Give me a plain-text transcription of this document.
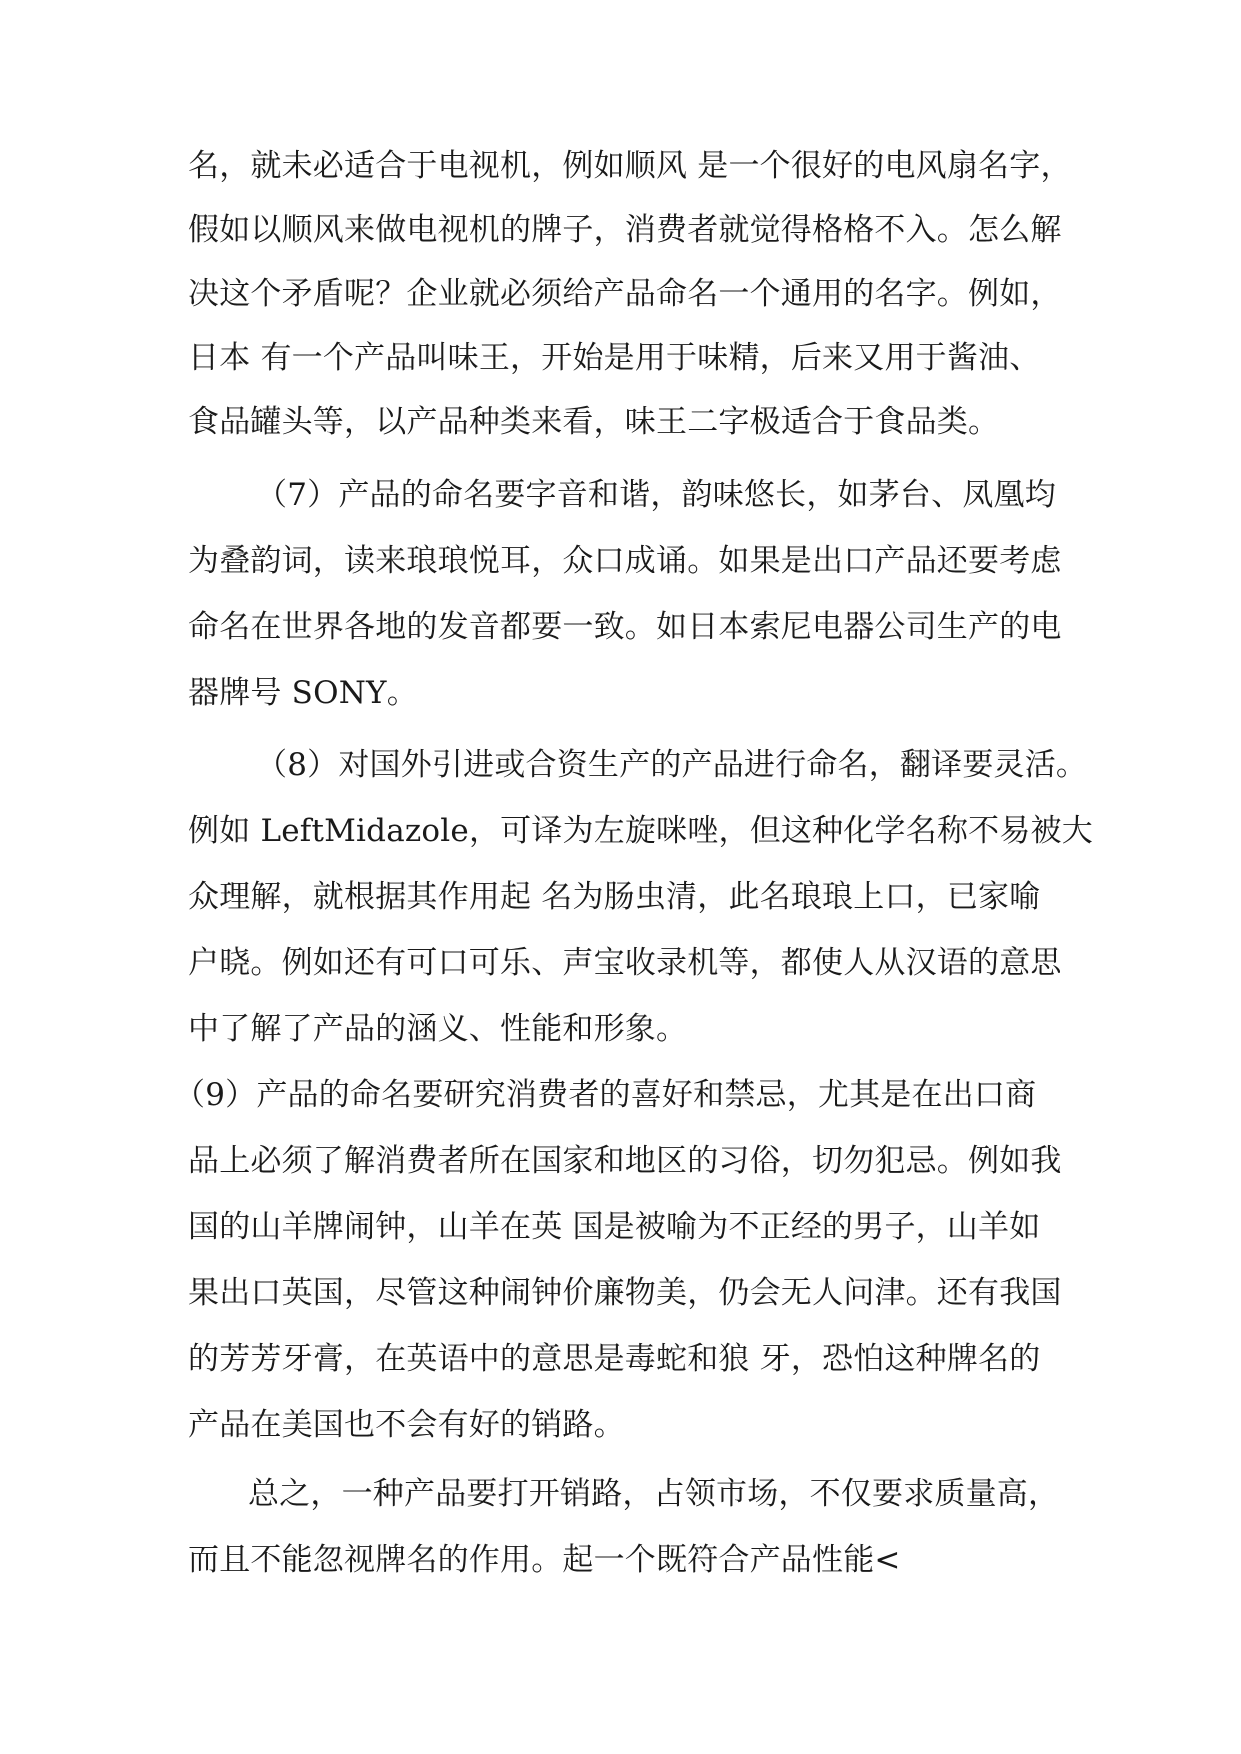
名，就未必适合于电视机，例如顺风 是一个很好的电风扇名字，

假如以顺风来做电视机的牌子，消费者就觉得格格不入。怎么解

决这个矛盾呢？企业就必须给产品命名一个通用的名字。例如，

日本 有一个产品叫味王，开始是用于味精，后来又用于酱油、

食品罐头等，以产品种类来看，味王二字极适合于食品类。

（7）产品的命名要字音和谐，韵味悠长，如茅台、凤凰均

为叠韵词，读来琅琅悦耳，众口成诵。如果是出口产品还要考虑

命名在世界各地的发音都要一致。如日本索尼电器公司生产的电

器牌号 SONY。

（8）对国外引进或合资生产的产品进行命名，翻译要灵活。

例如 LeftMidazole，可译为左旋咪唑，但这种化学名称不易被大

众理解，就根据其作用起 名为肠虫清，此名琅琅上口，已家喻

户晓。例如还有可口可乐、声宝收录机等，都使人从汉语的意思

中了解了产品的涵义、性能和形象。

（9）产品的命名要研究消费者的喜好和禁忌，尤其是在出口商

品上必须了解消费者所在国家和地区的习俗，切勿犯忌。例如我

国的山羊牌闹钟，山羊在英 国是被喻为不正经的男子，山羊如

果出口英国，尽管这种闹钟价廉物美，仍会无人问津。还有我国

的芳芳牙膏，在英语中的意思是毒蛇和狼 牙，恐怕这种牌名的

产品在美国也不会有好的销路。

总之，一种产品要打开销路，占领市场，不仅要求质量高，

而且不能忽视牌名的作用。起一个既符合产品性能<
